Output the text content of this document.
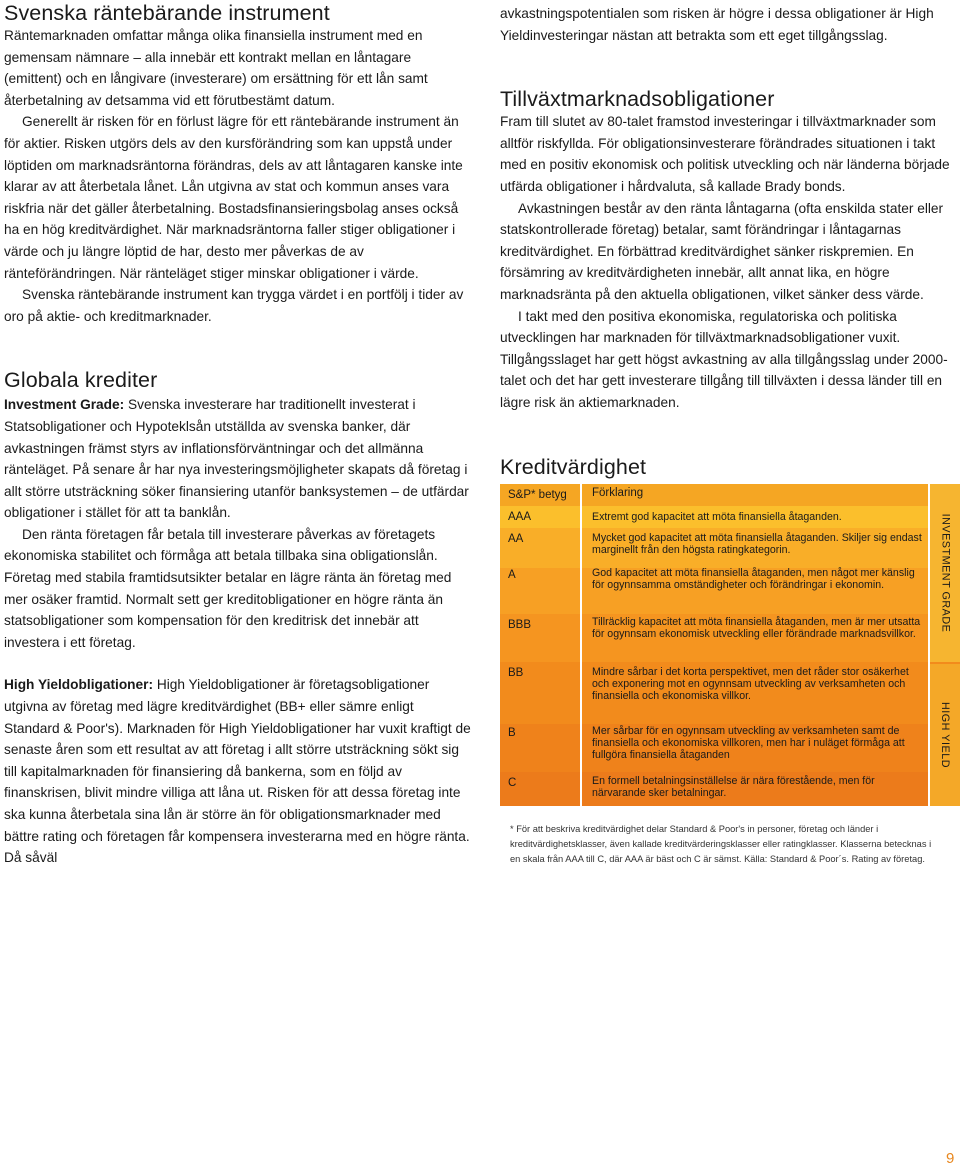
Svenska räntebärande instrument

Räntemarknaden omfattar många olika finansiella instrument med en gemensam nämnare – alla innebär ett kontrakt mellan en låntagare (emittent) och en långivare (investerare) om ersättning för ett lån samt återbetalning av detsamma vid ett förutbestämt datum.

Generellt är risken för en förlust lägre för ett räntebärande instrument än för aktier. Risken utgörs dels av den kursförändring som kan uppstå under löptiden om marknadsräntorna förändras, dels av att låntagaren kanske inte klarar av att återbetala lånet. Lån utgivna av stat och kommun anses vara riskfria när det gäller återbetalning. Bostadsfinansieringsbolag anses också ha en hög kreditvärdighet. När marknadsräntorna faller stiger obligationer i värde och ju längre löptid de har, desto mer påverkas de av ränteförändringen. När ränteläget stiger minskar obligationer i värde.

Svenska räntebärande instrument kan trygga värdet i en portfölj i tider av oro på aktie- och kreditmarknader.

Globala krediter

Investment Grade: Svenska investerare har traditionellt investerat i Statsobligationer och Hypoteklsån utställda av svenska banker, där avkastningen främst styrs av inflationsförväntningar och det allmänna ränteläget. På senare år har nya investeringsmöjligheter skapats då företag i allt större utsträckning söker finansiering utanför banksystemen – de utfärdar obligationer i stället för att ta banklån.

Den ränta företagen får betala till investerare påverkas av företagets ekonomiska stabilitet och förmåga att betala tillbaka sina obligationslån. Företag med stabila framtidsutsikter betalar en lägre ränta än företag med mer osäker framtid. Normalt sett ger kreditobligationer en högre ränta än statsobligationer som kompensation för den kreditrisk det innebär att investera i ett företag.

High Yieldobligationer: High Yieldobligationer är företagsobligationer utgivna av företag med lägre kreditvärdighet (BB+ eller sämre enligt Standard & Poor's). Marknaden för High Yieldobligationer har vuxit kraftigt de senaste åren som ett resultat av att företag i allt större utsträckning sökt sig till kapitalmarknaden för finansiering då bankerna, som en följd av finanskrisen, blivit mindre villiga att låna ut. Risken för att dessa företag inte ska kunna återbetala sina lån är större än för obligationsmarknader med bättre rating och företagen får kompensera investerarna med en högre ränta. Då såväl

avkastningspotentialen som risken är högre i dessa obligationer är High Yieldinvesteringar nästan att betrakta som ett eget tillgångsslag.

Tillväxtmarknadsobligationer

Fram till slutet av 80-talet framstod investeringar i tillväxtmarknader som alltför riskfyllda. För obligationsinvesterare förändrades situationen i takt med en positiv ekonomisk och politisk utveckling och när länderna började utfärda obligationer i hårdvaluta, så kallade Brady bonds.

Avkastningen består av den ränta låntagarna (ofta enskilda stater eller statskontrollerade företag) betalar, samt förändringar i låntagarnas kreditvärdighet. En förbättrad kreditvärdighet sänker riskpremien. En försämring av kreditvärdigheten innebär, allt annat lika, en högre marknadsränta på den aktuella obligationen, vilket sänker dess värde.

I takt med den positiva ekonomiska, regulatoriska och politiska utvecklingen har marknaden för tillväxtmarknadsobligationer vuxit. Tillgångsslaget har gett högst avkastning av alla tillgångsslag under 2000-talet och det har gett investerare tillgång till tillväxten i dessa länder till en lägre risk än aktiemarknaden.

Kreditvärdighet
S&P* betyg	Förklaring
AAA	Extremt god kapacitet att möta finansiella åtaganden.
AA	Mycket god kapacitet att möta finansiella åtaganden. Skiljer sig endast marginellt från den högsta ratingkategorin.
A	God kapacitet att möta finansiella åtaganden, men något mer känslig för ogynnsamma omständigheter och förändringar i ekonomin.
BBB	Tillräcklig kapacitet att möta finansiella åtaganden, men är mer utsatta för ogynnsam ekonomisk utveckling eller förändrade marknadsvillkor.
BB	Mindre sårbar i det korta perspektivet, men det råder stor osäkerhet och exponering mot en ogynnsam utveckling av verksamheten och finansiella och ekonomiska villkor.
B	Mer sårbar för en ogynnsam utveckling av verksamheten samt de finansiella och ekonomiska villkoren, men har i nuläget förmåga att fullgöra finansiella åtaganden
C	En formell betalningsinställelse är nära förestående, men för närvarande sker betalningar.
INVESTMENT GRADE
HIGH YIELD
* För att beskriva kreditvärdighet delar Standard & Poor's in personer, företag och länder i kreditvärdighetsklasser, även kallade kreditvärderingsklasser eller ratingklasser. Klasserna betecknas i en skala från AAA till C, där AAA är bäst och C är sämst. Källa: Standard & Poor´s. Rating av företag.
9
